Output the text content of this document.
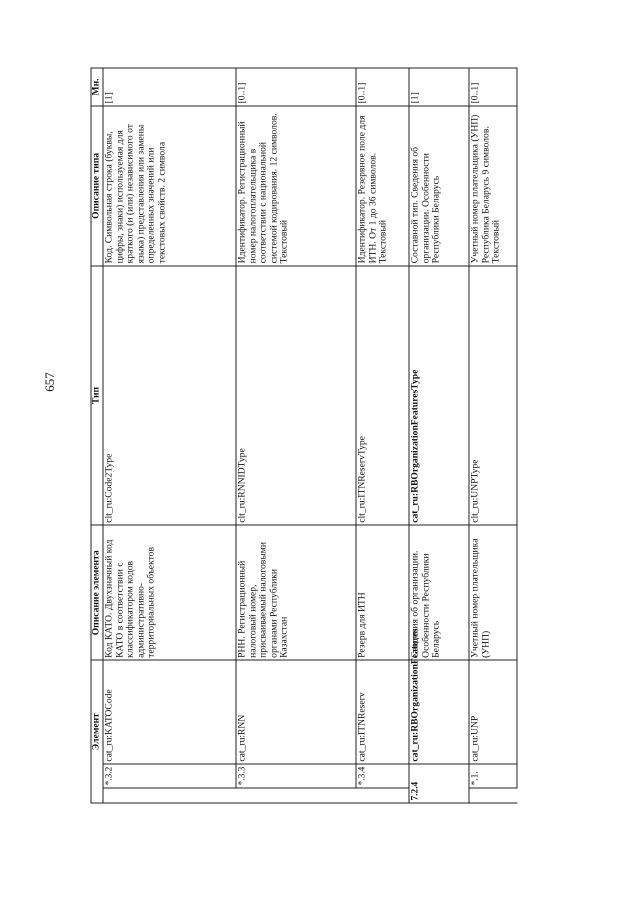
657
Элемент			Описание элемента	Тип	Описание типа	Мн.
	*.3.2	cat_ru:KATOCode	Код КАТО. Двухзначный код КАТО в соответствии с классификатором кодов административно-территориальных объектов	clt_ru:Code2Type	Код. Символьная строка (буквы, цифры, знаки) используемая для краткого (и (или) независимого от языка) представления или замены определенных значений или текстовых свойств. 2 символа	[1]
	*.3.3	cat_ru:RNN	РНН. Регистрационный налоговый номер, присваиваемый налоговыми органами Республики Казахстан	clt_ru:RNNIDType	Идентификатор. Регистрационный номер налогоплательщика в соответствии с национальной системой кодирования. 12 символов. Текстовый	[0..1]
	*.3.4	cat_ru:ITNReserv	Резерв для ИТН	clt_ru:ITNReservType	Идентификатор. Резервное поле для ИТН. От 1 до 36 символов. Текстовый	[0..1]
7.2.4		cat_ru:RBOrganizationFeatures	Сведения об организации. Особенности Республики Беларусь	cat_ru:RBOrganizationFeaturesType	Составной тип. Сведения об организации. Особенности Республики Беларусь	[1]
	*.1.	cat_ru:UNP	Учетный номер плательщика (УНП)	clt_ru:UNPType	Учетный номер плательщика (УНП) Республика Беларусь 9 символов. Текстовый	[0..1]
